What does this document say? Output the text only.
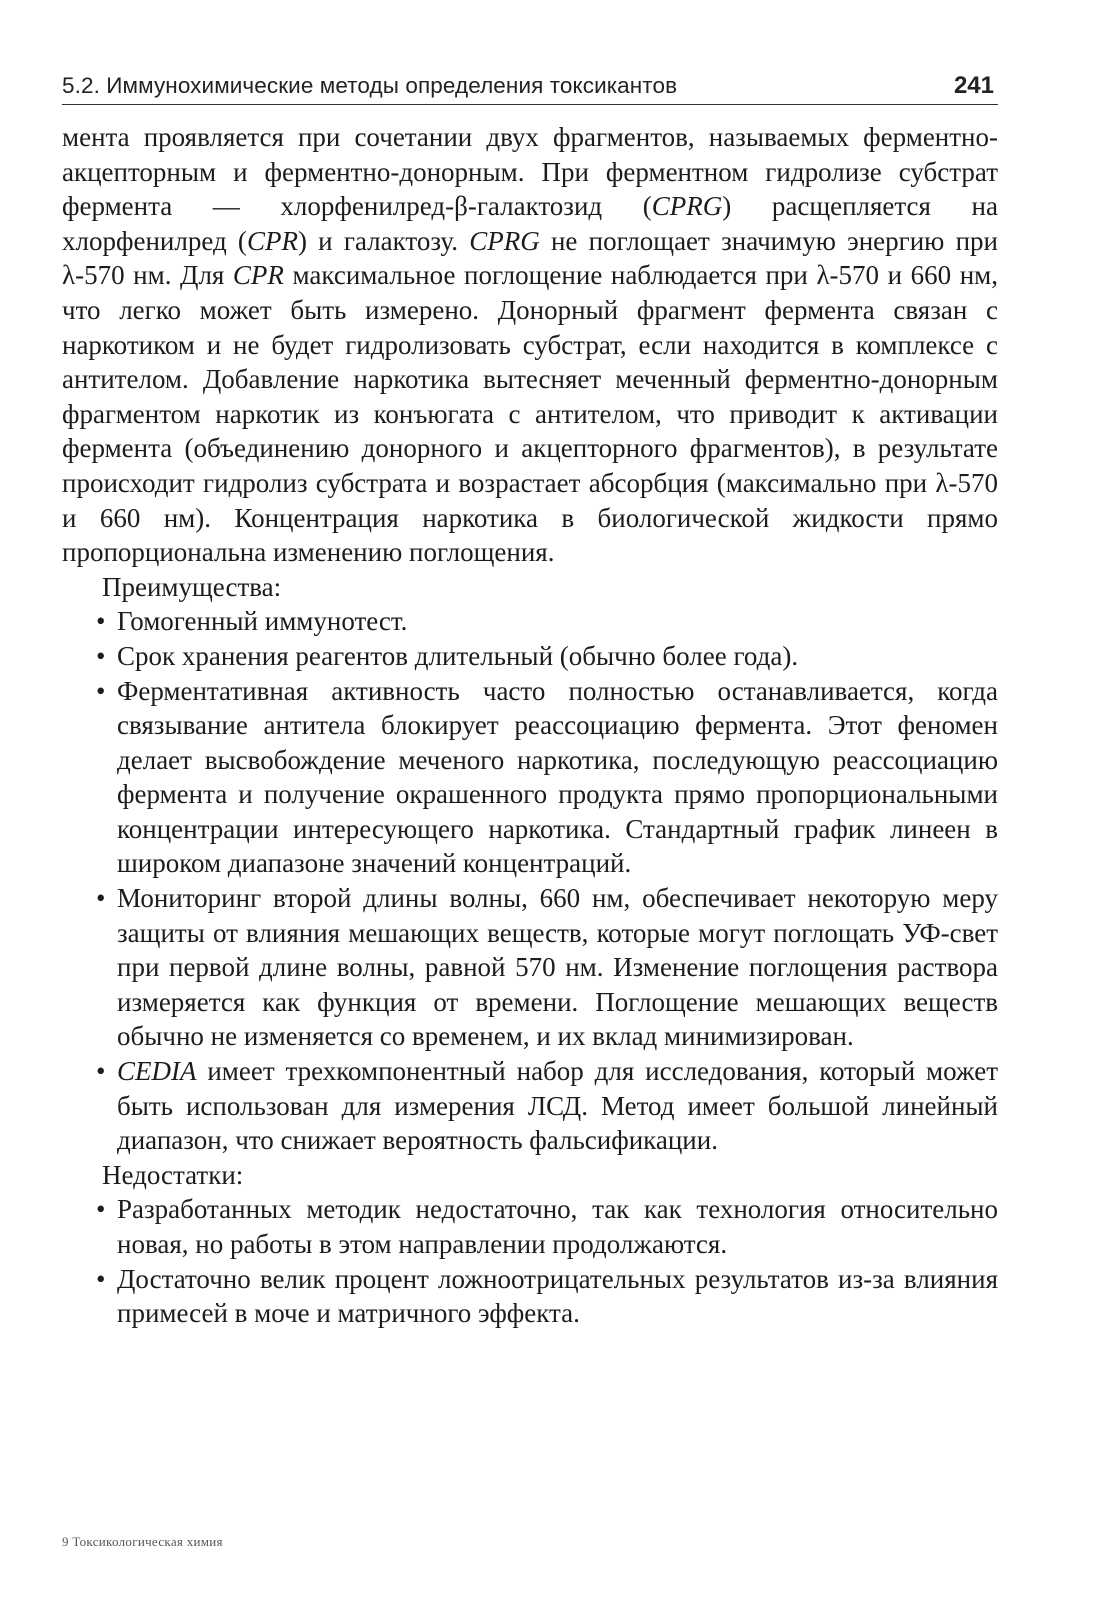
5.2. Иммунохимические методы определения токсикантов	241

мента проявляется при сочетании двух фрагментов, называемых ферментно-акцепторным и ферментно-донорным. При ферментном гидролизе субстрат фермента — хлорфенилред-β-галактозид (CPRG) расщепляется на хлорфенилред (CPR) и галактозу. CPRG не поглощает значимую энергию при λ-570 нм. Для CPR максимальное поглощение наблюдается при λ-570 и 660 нм, что легко может быть измерено. Донорный фрагмент фермента связан с наркотиком и не будет гидролизовать субстрат, если находится в комплексе с антителом. Добавление наркотика вытесняет меченный ферментно-донорным фрагментом наркотик из конъюгата с антителом, что приводит к активации фермента (объединению донорного и акцепторного фрагментов), в результате происходит гидролиз субстрата и возрастает абсорбция (максимально при λ-570 и 660 нм). Концентрация наркотика в биологической жидкости прямо пропорциональна изменению поглощения.

Преимущества:

• Гомогенный иммунотест.
• Срок хранения реагентов длительный (обычно более года).
• Ферментативная активность часто полностью останавливается, когда связывание антитела блокирует реассоциацию фермента. Этот феномен делает высвобождение меченого наркотика, последующую реассоциацию фермента и получение окрашенного продукта прямо пропорциональными концентрации интересующего наркотика. Стандартный график линеен в широком диапазоне значений концентраций.
• Мониторинг второй длины волны, 660 нм, обеспечивает некоторую меру защиты от влияния мешающих веществ, которые могут поглощать УФ-свет при первой длине волны, равной 570 нм. Изменение поглощения раствора измеряется как функция от времени. Поглощение мешающих веществ обычно не изменяется со временем, и их вклад минимизирован.
• CEDIA имеет трехкомпонентный набор для исследования, который может быть использован для измерения ЛСД. Метод имеет большой линейный диапазон, что снижает вероятность фальсификации.

Недостатки:

• Разработанных методик недостаточно, так как технология относительно новая, но работы в этом направлении продолжаются.
• Достаточно велик процент ложноотрицательных результатов из-за влияния примесей в моче и матричного эффекта.
9 Токсикологическая химия
